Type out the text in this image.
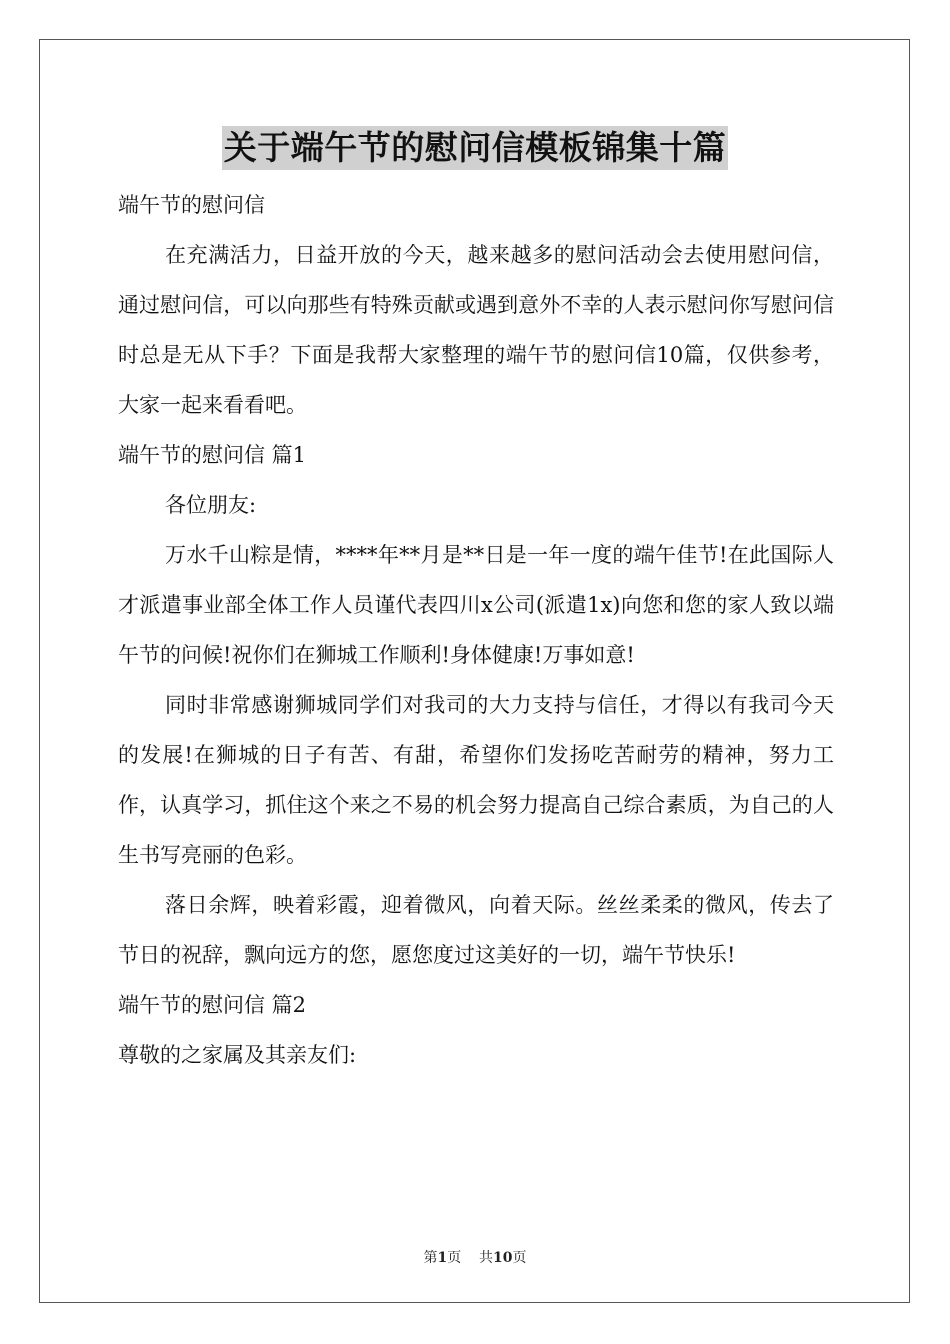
关于端午节的慰问信模板锦集十篇
端午节的慰问信

在充满活力，日益开放的今天，越来越多的慰问活动会去使用慰问信，通过慰问信，可以向那些有特殊贡献或遇到意外不幸的人表示慰问你写慰问信时总是无从下手？下面是我帮大家整理的端午节的慰问信10篇，仅供参考，大家一起来看看吧。

端午节的慰问信 篇1

各位朋友:

万水千山粽是情，****年**月是**日是一年一度的端午佳节!在此国际人才派遣事业部全体工作人员谨代表四川x公司(派遣1x)向您和您的家人致以端午节的问候!祝你们在狮城工作顺利!身体健康!万事如意!

同时非常感谢狮城同学们对我司的大力支持与信任，才得以有我司今天的发展!在狮城的日子有苦、有甜，希望你们发扬吃苦耐劳的精神，努力工作，认真学习，抓住这个来之不易的机会努力提高自己综合素质，为自己的人生书写亮丽的色彩。

落日余辉，映着彩霞，迎着微风，向着天际。丝丝柔柔的微风，传去了节日的祝辞，飘向远方的您，愿您度过这美好的一切，端午节快乐!

端午节的慰问信 篇2
尊敬的之家属及其亲友们:
第1页    共10页
